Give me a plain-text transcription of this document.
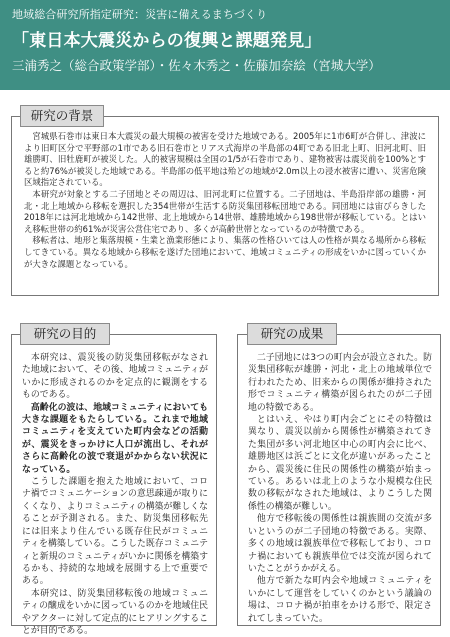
地域総合研究所指定研究：災害に備えるまちづくり
「東日本大震災からの復興と課題発見」
三浦秀之（総合政策学部）・佐々木秀之・佐藤加奈絵（宮城大学）

宮城県石巻市は東日本大震災の最大規模の被害を受けた地域である。2005年に1市6町が合併し、津波により旧町区分で平野部の1市である旧石巻市とリアス式海岸の半島部の4町である旧北上町、旧河北町、旧雄勝町、旧牡鹿町が被災した。人的被害規模は全国の1/5が石巻市であり、建物被害は震災前を100%とすると約76%が被災した地域である。半島部の低平地は殆どの地域が2.0m以上の浸水被害に遭い、災害危険区域指定されている。

本研究が対象とする二子団地とその周辺は、旧河北町に位置する。二子団地は、半島沿岸部の雄勝・河北・北上地域から移転を選択した354世帯が生活する防災集団移転団地である。同団地には宙びらきした2018年には河北地域から142世帯、北上地域から14世帯、雄勝地域から198世帯が移転している。とはいえ移転世帯の約61%が災害公営住宅であり、多くが高齢世帯となっているのが特徴である。

移転者は、地形と集落規模・生業と漁業形態により、集落の性格ひいては人の性格が異なる場所から移転してきている。異なる地域から移転を遂げた団地において、地域コミュニティの形成をいかに図っていくかが大きな課題となっている。

研究の背景

本研究は、震災後の防災集団移転がなされた地域において、その後、地域コミュニティがいかに形成されるのかを定点的に観測をするものである。

高齢化の波は、地域コミュニティにおいても大きな課題をもたらしている。これまで地域コミュニティを支えていた町内会などの活動が、震災をきっかけに人口が流出し、それがさらに高齢化の波で衰退がかからない状況になっている。

こうした課題を抱えた地域において、コロナ禍でコミュニケーションの意思疎通が取りにくくなり、よりコミュニティの構築が難しくなることが予測される。また、防災集団移転先には旧来より住んでいる既存住民がコミュニティを構築している。こうした既存コミュニティと新規のコミュニティがいかに関係を構築するかも、持続的な地域を展開する上で重要である。

本研究は、防災集団移転後の地域コミュニティの醸成をいかに図っているのかを地域住民やアクターに対して定点的にヒアリングすることが目的である。

研究の目的

二子団地には3つの町内会が設立された。防災集団移転が雄勝・河北・北上の地域単位で行われたため、旧来からの関係が維持された形でコミュニティ構築が図られたのが二子団地の特徴である。

とはいえ、やはり町内会ごとにその特徴は異なり、震災以前から関係性が構築されてきた集団が多い河北地区中心の町内会に比べ、雄勝地区は浜ごとに文化が違いがあったことから、震災後に住民の関係性の構築が始まっている。あるいは北上のような小規模な住民数の移転がなされた地域は、よりこうした関係性の構築が難しい。

他方で移転後の関係性は親族間の交流が多いというのが二子団地の特徴である。実際、多くの地域は親族単位で移転しており、コロナ禍においても親族単位では交流が図られていたことがうかがえる。

他方で新たな町内会や地域コミュニティをいかにして運営をしていくのかという議論の場は、コロナ禍が拍車をかける形で、限定されてしまっていた。

研究の成果
